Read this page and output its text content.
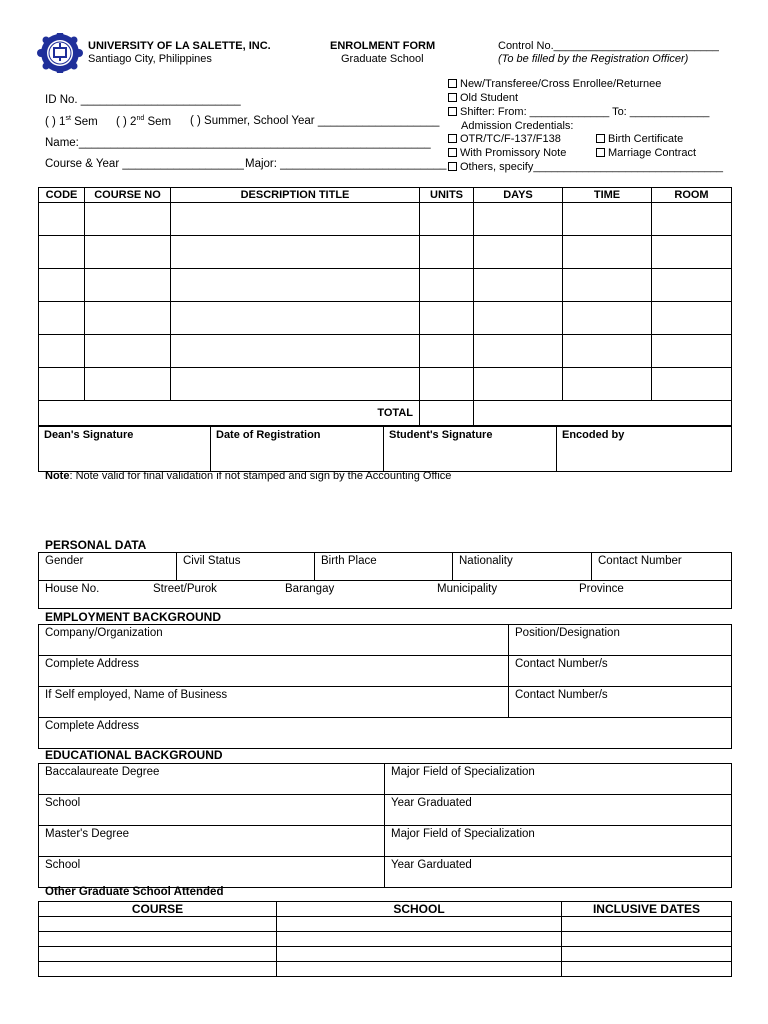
UNIVERSITY OF LA SALETTE, INC.
Santiago City, Philippines
ENROLMENT FORM
Graduate School
Control No.___________________________
(To be filled by the Registration Officer)
ID No. _________________________
( ) 1st Sem ( ) 2nd Sem ( ) Summer, School Year ___________________
Name:_______________________________________________________
Course & Year ___________________ Major: __________________________
New/Transferee/Cross Enrollee/Returnee
Old Student
Shifter: From: _____________ To: _____________
Admission Credentials:
OTR/TC/F-137/F138	Birth Certificate
With Promissory Note	Marriage Contract
Others, specify_______________________________
CODE	COURSE NO	DESCRIPTION TITLE	UNITS	DAYS	TIME	ROOM

TOTAL						
Dean's Signature	Date of Registration	Student's Signature	Encoded by
Note: Note valid for final validation if not stamped and sign by the Accounting Office
PERSONAL DATA
Gender	Civil Status	Birth Place	Nationality	Contact Number

House No.	Street/Purok	Barangay	Municipality	Province
EMPLOYMENT BACKGROUND
Company/Organization	Position/Designation
Complete Address	Contact Number/s
If Self employed, Name of Business	Contact Number/s
Complete Address	
EDUCATIONAL BACKGROUND
Baccalaureate Degree	Major Field of Specialization
School	Year Graduated
Master's Degree	Major Field of Specialization
School	Year Garduated
Other Graduate School Attended
COURSE	SCHOOL	INCLUSIVE DATES
